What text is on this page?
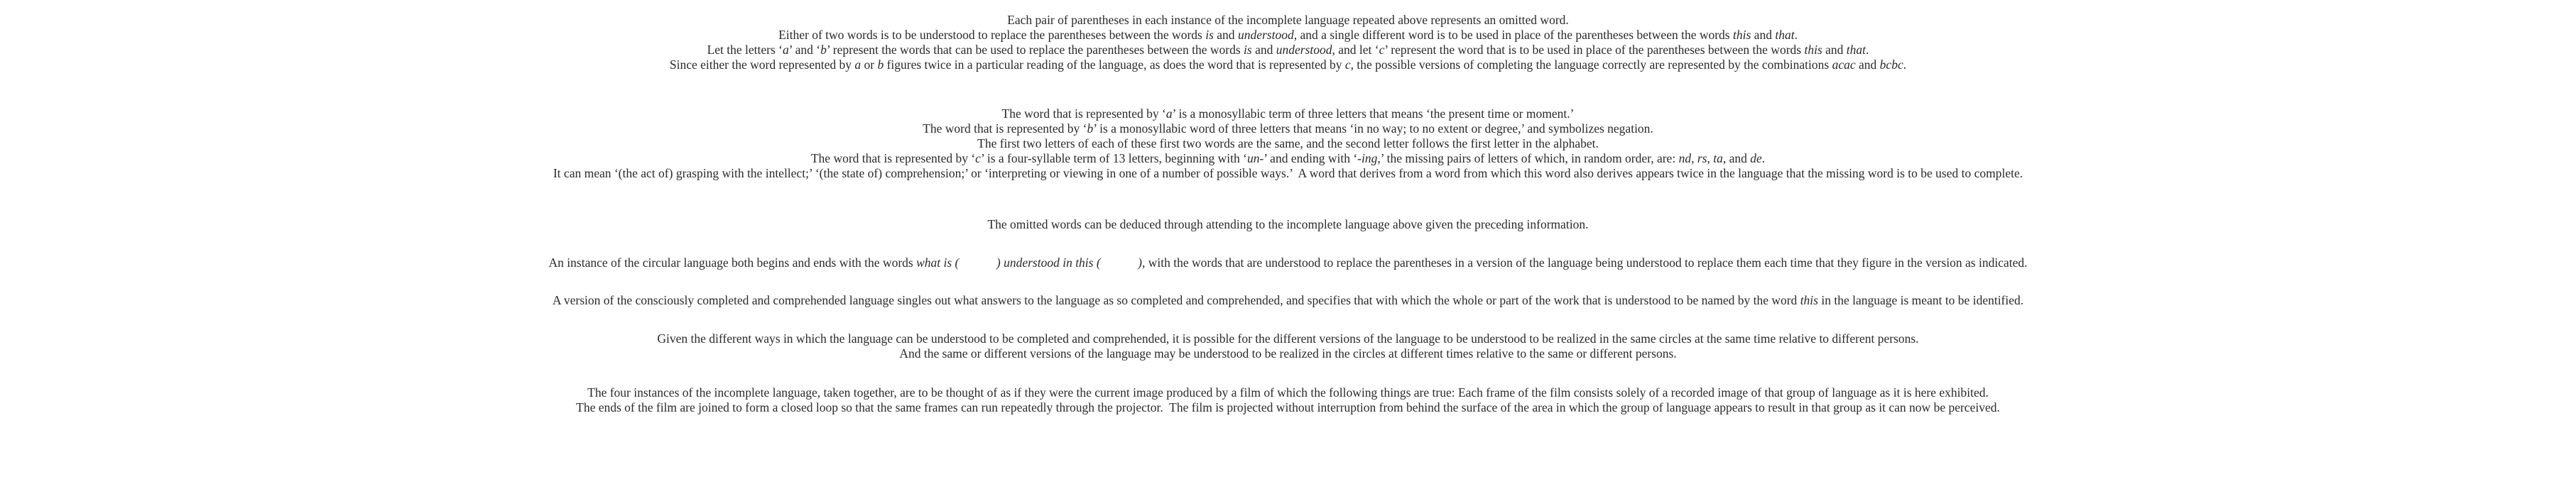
Each pair of parentheses in each instance of the incomplete language repeated above represents an omitted word.
Either of two words is to be understood to replace the parentheses between the words is and understood, and a single different word is to be used in place of the parentheses between the words this and that.
Let the letters ‘a’ and ‘b’ represent the words that can be used to replace the parentheses between the words is and understood, and let ‘c’ represent the word that is to be used in place of the parentheses between the words this and that.
Since either the word represented by a or b figures twice in a particular reading of the language, as does the word that is represented by c, the possible versions of completing the language correctly are represented by the combinations acac and bcbc.
The word that is represented by ‘a’ is a monosyllabic term of three letters that means ‘the present time or moment.’
The word that is represented by ‘b’ is a monosyllabic word of three letters that means ‘in no way; to no extent or degree,’ and symbolizes negation.
The first two letters of each of these first two words are the same, and the second letter follows the first letter in the alphabet.
The word that is represented by ‘c’ is a four-syllable term of 13 letters, beginning with ‘un-’ and ending with ‘-ing,’ the missing pairs of letters of which, in random order, are: nd, rs, ta, and de.
It can mean ‘(the act of) grasping with the intellect;’ ‘(the state of) comprehension;’ or ‘interpreting or viewing in one of a number of possible ways.’  A word that derives from a word from which this word also derives appears twice in the language that the missing word is to be used to complete.
The omitted words can be deduced through attending to the incomplete language above given the preceding information.
An instance of the circular language both begins and ends with the words what is (            ) understood in this (            ), with the words that are understood to replace the parentheses in a version of the language being understood to replace them each time that they figure in the version as indicated.
A version of the consciously completed and comprehended language singles out what answers to the language as so completed and comprehended, and specifies that with which the whole or part of the work that is understood to be named by the word this in the language is meant to be identified.
Given the different ways in which the language can be understood to be completed and comprehended, it is possible for the different versions of the language to be understood to be realized in the same circles at the same time relative to different persons.
And the same or different versions of the language may be understood to be realized in the circles at different times relative to the same or different persons.
The four instances of the incomplete language, taken together, are to be thought of as if they were the current image produced by a film of which the following things are true: Each frame of the film consists solely of a recorded image of that group of language as it is here exhibited.
The ends of the film are joined to form a closed loop so that the same frames can run repeatedly through the projector.  The film is projected without interruption from behind the surface of the area in which the group of language appears to result in that group as it can now be perceived.
